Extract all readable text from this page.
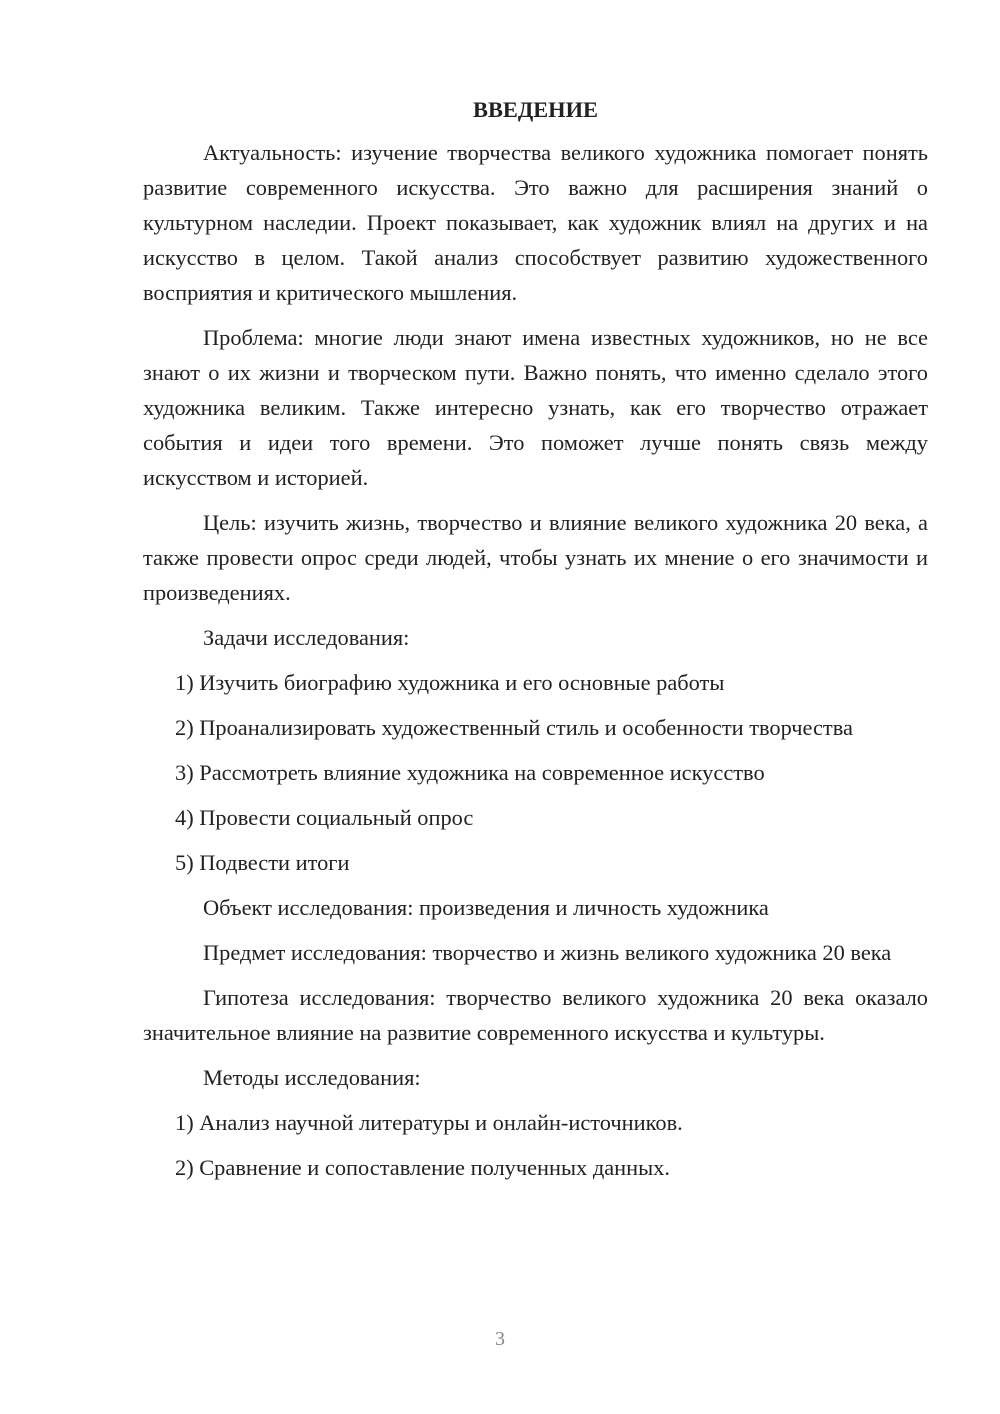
ВВЕДЕНИЕ

Актуальность: изучение творчества великого художника помогает понять развитие современного искусства. Это важно для расширения знаний о культурном наследии. Проект показывает, как художник влиял на других и на искусство в целом. Такой анализ способствует развитию художественного восприятия и критического мышления.

Проблема: многие люди знают имена известных художников, но не все знают о их жизни и творческом пути. Важно понять, что именно сделало этого художника великим. Также интересно узнать, как его творчество отражает события и идеи того времени. Это поможет лучше понять связь между искусством и историей.

Цель: изучить жизнь, творчество и влияние великого художника 20 века, а также провести опрос среди людей, чтобы узнать их мнение о его значимости и произведениях.

Задачи исследования:

1) Изучить биографию художника и его основные работы

2) Проанализировать художественный стиль и особенности творчества

3) Рассмотреть влияние художника на современное искусство

4) Провести социальный опрос

5) Подвести итоги

Объект исследования: произведения и личность художника

Предмет исследования: творчество и жизнь великого художника 20 века

Гипотеза исследования: творчество великого художника 20 века оказало значительное влияние на развитие современного искусства и культуры.

Методы исследования:

1) Анализ научной литературы и онлайн-источников.

2) Сравнение и сопоставление полученных данных.

3
